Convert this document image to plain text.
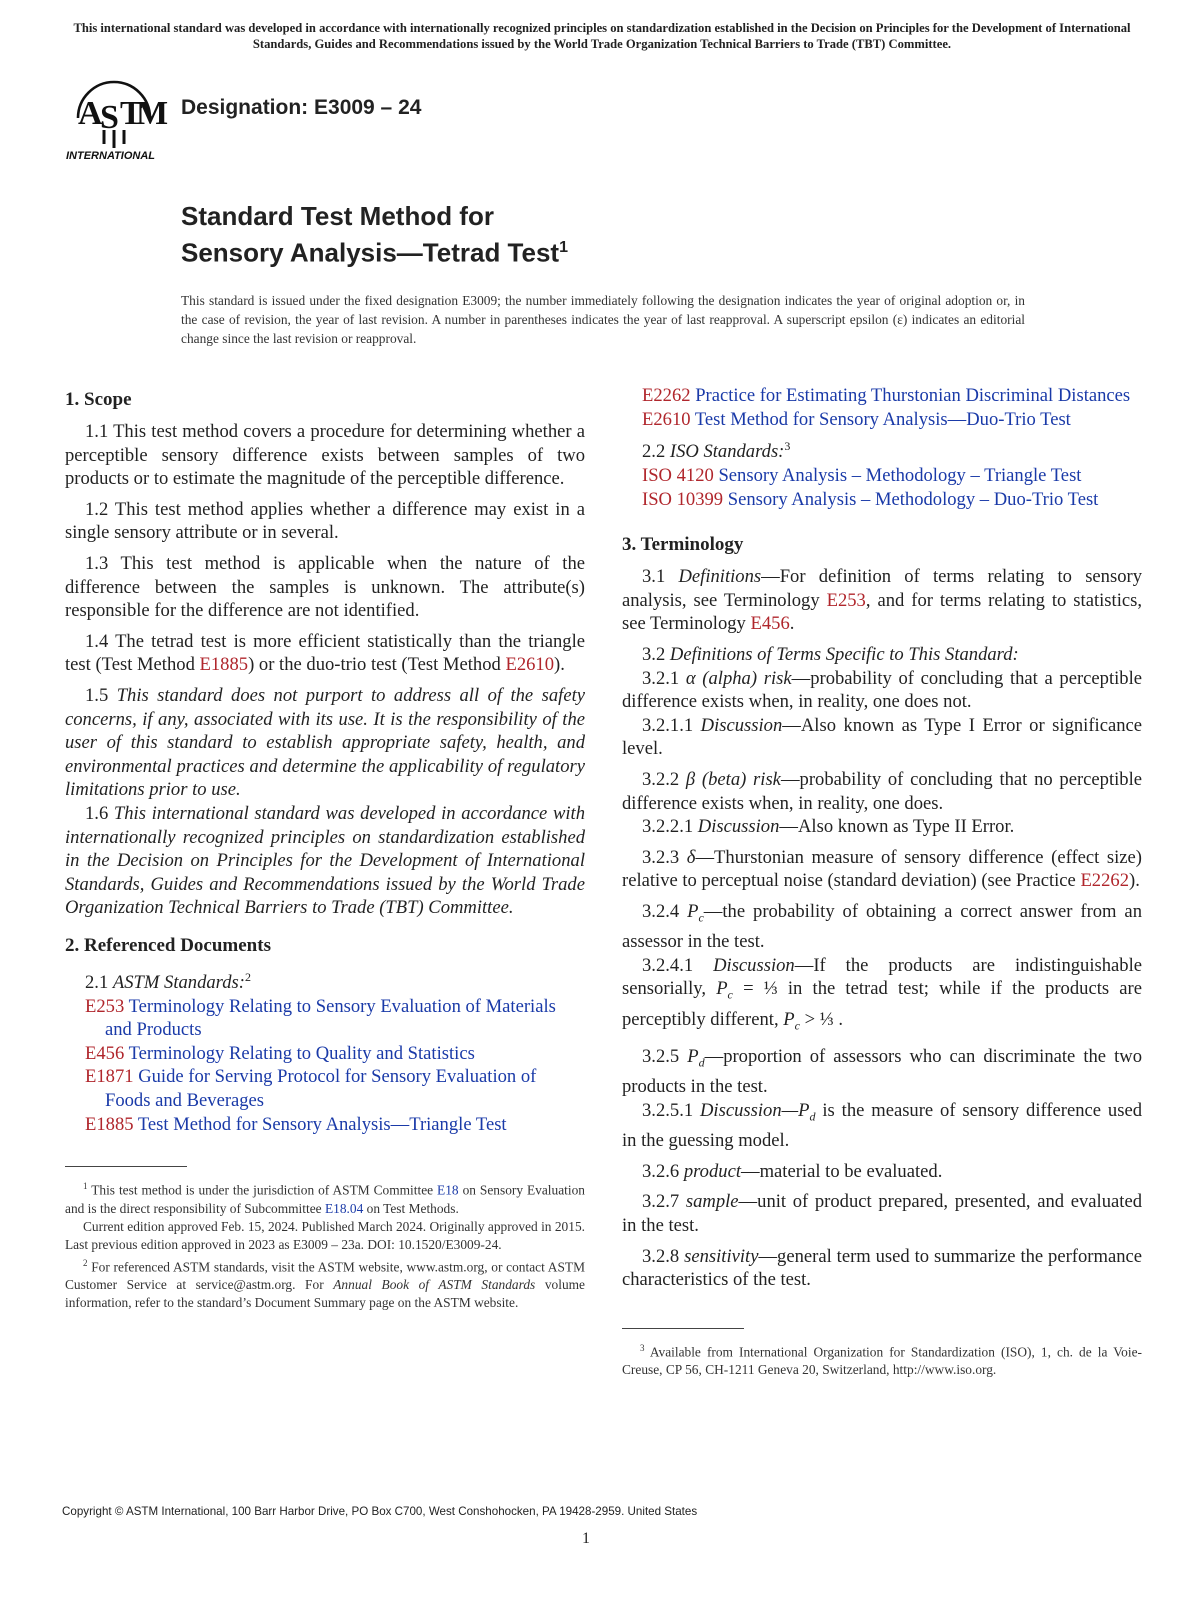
This international standard was developed in accordance with internationally recognized principles on standardization established in the Decision on Principles for the Development of International Standards, Guides and Recommendations issued by the World Trade Organization Technical Barriers to Trade (TBT) Committee.
A
S T
M
INTERNATIONAL
Designation: E3009 – 24
Standard Test Method for
Sensory Analysis—Tetrad Test$^1$
This standard is issued under the fixed designation E3009; the number immediately following the designation indicates the year of original adoption or, in the case of revision, the year of last revision. A number in parentheses indicates the year of last reapproval. A superscript epsilon (ε) indicates an editorial change since the last revision or reapproval.
1. Scope

1.1 This test method covers a procedure for determining whether a perceptible sensory difference exists between samples of two products or to estimate the magnitude of the perceptible difference.

1.2 This test method applies whether a difference may exist in a single sensory attribute or in several.

1.3 This test method is applicable when the nature of the difference between the samples is unknown. The attribute(s) responsible for the difference are not identified.

1.4 The tetrad test is more efficient statistically than the triangle test (Test Method E1885) or the duo-trio test (Test Method E2610).

1.5 This standard does not purport to address all of the safety concerns, if any, associated with its use. It is the responsibility of the user of this standard to establish appropriate safety, health, and environmental practices and determine the applicability of regulatory limitations prior to use.

1.6 This international standard was developed in accordance with internationally recognized principles on standardization established in the Decision on Principles for the Development of International Standards, Guides and Recommendations issued by the World Trade Organization Technical Barriers to Trade (TBT) Committee.

2. Referenced Documents

2.1 ASTM Standards:$^2$

E253 Terminology Relating to Sensory Evaluation of Materials and Products
E456 Terminology Relating to Quality and Statistics
E1871 Guide for Serving Protocol for Sensory Evaluation of Foods and Beverages
E1885 Test Method for Sensory Analysis—Triangle Test

$^1$ This test method is under the jurisdiction of ASTM Committee E18 on Sensory Evaluation and is the direct responsibility of Subcommittee E18.04 on Test Methods.

Current edition approved Feb. 15, 2024. Published March 2024. Originally approved in 2015. Last previous edition approved in 2023 as E3009 – 23a. DOI: 10.1520/E3009-24.

$^2$ For referenced ASTM standards, visit the ASTM website, www.astm.org, or contact ASTM Customer Service at service@astm.org. For Annual Book of ASTM Standards volume information, refer to the standard’s Document Summary page on the ASTM website.

E2262 Practice for Estimating Thurstonian Discriminal Distances
E2610 Test Method for Sensory Analysis—Duo-Trio Test

2.2 ISO Standards:$^3$

ISO 4120 Sensory Analysis – Methodology – Triangle Test
ISO 10399 Sensory Analysis – Methodology – Duo-Trio Test
3. Terminology

3.1 Definitions—For definition of terms relating to sensory analysis, see Terminology E253, and for terms relating to statistics, see Terminology E456.

3.2 Definitions of Terms Specific to This Standard:

3.2.1 α (alpha) risk—probability of concluding that a perceptible difference exists when, in reality, one does not.

3.2.1.1 Discussion—Also known as Type I Error or significance level.

3.2.2 β (beta) risk—probability of concluding that no perceptible difference exists when, in reality, one does.

3.2.2.1 Discussion—Also known as Type II Error.

3.2.3 δ—Thurstonian measure of sensory difference (effect size) relative to perceptual noise (standard deviation) (see Practice E2262).

3.2.4 $P_c—the$ probability of obtaining a correct answer from an assessor in the test.

3.2.4.1 Discussion—If the products are indistinguishable sensorially, $P_c$ = ⅓ in the tetrad test; while if the products are perceptibly different, $P_c$ > ⅓ .

3.2.5 $P_d—proportion$ of assessors who can discriminate the two products in the test.

3.2.5.1 $Discussion—P_d$ is the measure of sensory difference used in the guessing model.

3.2.6 product—material to be evaluated.

3.2.7 sample—unit of product prepared, presented, and evaluated in the test.

3.2.8 sensitivity—general term used to summarize the performance characteristics of the test.

$^3$ Available from International Organization for Standardization (ISO), 1, ch. de la Voie-Creuse, CP 56, CH-1211 Geneva 20, Switzerland, http://www.iso.org.

Copyright © ASTM International, 100 Barr Harbor Drive, PO Box C700, West Conshohocken, PA 19428-2959. United States
1
